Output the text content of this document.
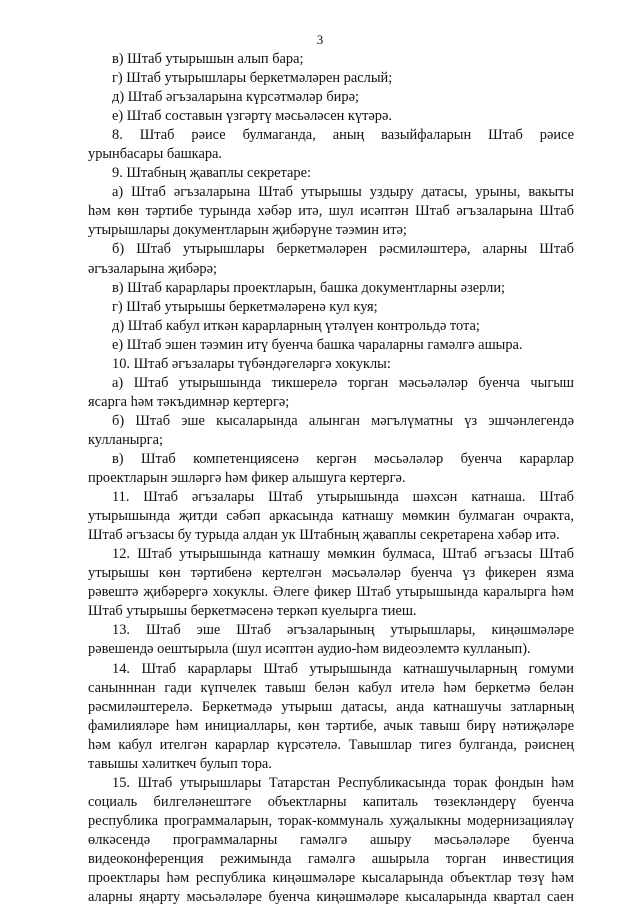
3
в) Штаб утырышын алып бара;
г) Штаб утырышлары беркетмәләрен раслый;
д) Штаб әгъзаларына күрсәтмәләр бирә;
е) Штаб составын үзгәртү мәсьәләсен күтәрә.
8. Штаб рәисе булмаганда, аның вазыйфаларын Штаб рәисе
урынбасары башкара.
9. Штабның җаваплы секретаре:
а) Штаб әгъзаларына Штаб утырышы уздыру датасы, урыны, вакыты
һәм көн тәртибе турында хәбәр итә, шул исәптән Штаб әгъзаларына Штаб
утырышлары документларын җибәрүне тәэмин итә;
б) Штаб утырышлары беркетмәләрен рәсмиләштерә, аларны Штаб
әгъзаларына җибәрә;
в) Штаб карарлары проектларын, башка документларны әзерли;
г) Штаб утырышы беркетмәләренә кул куя;
д) Штаб кабул иткән карарларның үтәлүен контрольдә тота;
е) Штаб эшен тәэмин итү буенча башка чараларны гамәлгә ашыра.
10. Штаб әгъзалары түбәндәгеләргә хокуклы:
а) Штаб утырышында тикшерелә торган мәсьәләләр буенча чыгыш
ясарга һәм тәкъдимнәр кертергә;
б) Штаб эше кысаларында алынган мәгълүматны үз эшчәнлегендә
кулланырга;
в) Штаб компетенциясенә кергән мәсьәләләр буенча карарлар
проектларын эшләргә һәм фикер алышуга кертергә.
11. Штаб әгъзалары Штаб утырышында шәхсән катнаша. Штаб
утырышында җитди сәбәп аркасында катнашу мөмкин булмаган очракта,
Штаб әгъзасы бу турыда алдан ук Штабның җаваплы секретарена хәбәр итә.
12. Штаб утырышында катнашу мөмкин булмаса, Штаб әгъзасы Штаб
утырышы көн тәртибенә кертелгән мәсьәләләр буенча үз фикерен язма
рәвештә җибәрергә хокуклы. Әлеге фикер Штаб утырышында каралырга һәм
Штаб утырышы беркетмәсенә теркәп куелырга тиеш.
13. Штаб эше Штаб әгъзаларының утырышлары, киңәшмәләре
рәвешендә оештырыла (шул исәптән аудио-һәм видеоэлемтә кулланып).
14. Штаб карарлары Штаб утырышында катнашучыларның гомуми
санынннан гади күпчелек тавыш белән кабул ителә һәм беркетмә белән
рәсмиләштерелә. Беркетмәдә утырыш датасы, анда катнашучы затларның
фамилияләре һәм инициаллары, көн тәртибе, ачык тавыш бирү нәтиҗәләре
һәм кабул ителгән карарлар күрсәтелә. Тавышлар тигез булганда, рәиснең
тавышы хәлиткеч булып тора.
15. Штаб утырышлары Татарстан Республикасында торак фондын һәм
социаль билгеләнештәге объектларны капиталь төзекләндерү буенча
республика программаларын, торак-коммуналь хуҗалыкны модернизацияләү
өлкәсендә программаларны гамәлгә ашыру мәсьәләләре буенча
видеоконференция режимында гамәлгә ашырыла торган инвестиция
проектлары һәм республика киңәшмәләре кысаларында объектлар төзү һәм
аларны яңарту мәсьәләләре буенча киңәшмәләре кысаларында квартал саен
